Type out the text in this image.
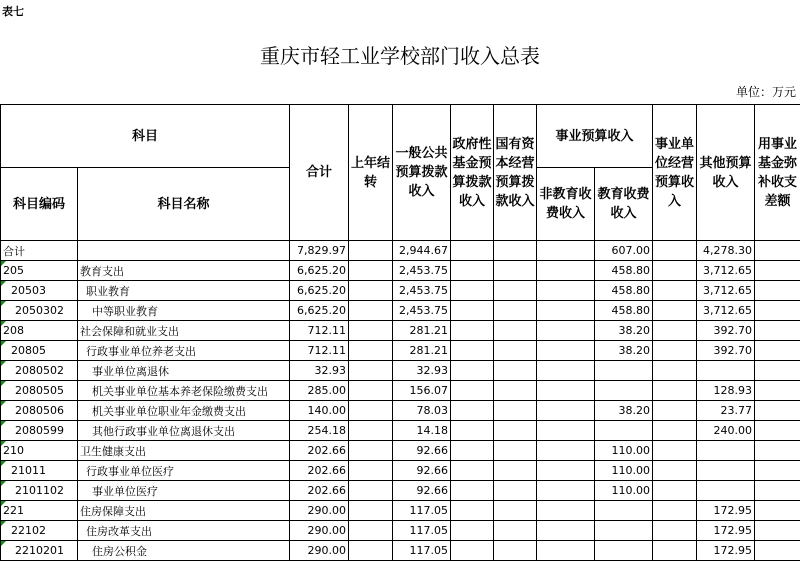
表七
重庆市轻工业学校部门收入总表
单位：万元
科目		合计	上年结转	一般公共预算拨款收入	政府性基金预算拨款收入	国有资本经营预算拨款收入	事业预算收入		事业单位经营预算收入	其他预算收入	用事业基金弥补收支差额
科目编码	科目名称						非教育收费收入	教育收费收入			
合计		7,829.97		2,944.67				607.00		4,278.30	

205	教育支出	6,625.20		2,453.75				458.80		3,712.65	

20503	职业教育	6,625.20		2,453.75				458.80		3,712.65	

2050302	中等职业教育	6,625.20		2,453.75				458.80		3,712.65	

208	社会保障和就业支出	712.11		281.21				38.20		392.70	

20805	行政事业单位养老支出	712.11		281.21				38.20		392.70	

2080502	事业单位离退休	32.93		32.93							

2080505	机关事业单位基本养老保险缴费支出	285.00		156.07						128.93	

2080506	机关事业单位职业年金缴费支出	140.00		78.03				38.20		23.77	

2080599	其他行政事业单位离退休支出	254.18		14.18						240.00	

210	卫生健康支出	202.66		92.66				110.00			

21011	行政事业单位医疗	202.66		92.66				110.00			

2101102	事业单位医疗	202.66		92.66				110.00			

221	住房保障支出	290.00		117.05						172.95	

22102	住房改革支出	290.00		117.05						172.95	

2210201	住房公积金	290.00		117.05						172.95	
